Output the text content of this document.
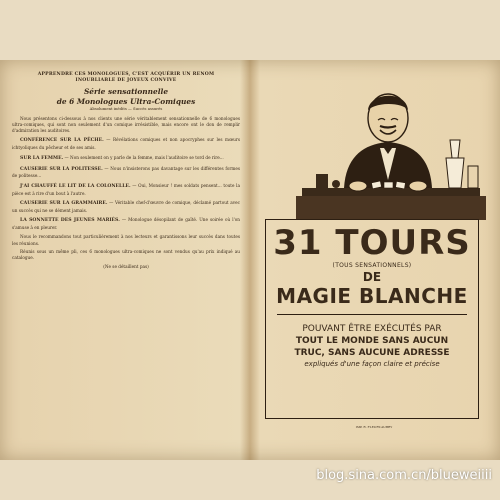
APPRENDRE CES MONOLOGUES, C'EST ACQUÉRIR UN RENOM INOUBLIABLE DE JOYEUX CONVIVE
Série sensationnelle
de 6 Monologues Ultra-Comiques
Absolument inédits — Succès assurés
Nous présentons ci-dessous à nos clients une série véritablement sensationnelle de 6 monologues ultra-comiques, qui sont non seulement d'un comique irrésistible, mais encore ont le don de remplir d'admiration les auditoires.
CONFÉRENCE SUR LA PÊCHE. — Révélations comiques et non apocryphes sur les mœurs ichtyoliques du pêcheur et de ses amis.
SUR LA FEMME. — Non seulement on y parle de la femme, mais l'auditoire se tord de rire...
CAUSERIE SUR LA POLITESSE. — Nous n'insisterons pas davantage sur les différentes formes de politesse...
J'AI CHAUFFÉ LE LIT DE LA COLONELLE. — Oui, Monsieur ! mes soldats pensent... toute la pièce est à rire d'un bout à l'autre.
CAUSERIE SUR LA GRAMMAIRE. — Véritable chef-d'œuvre de comique, déclamé partout avec un succès qui ne se dément jamais.
LA SONNETTE DES JEUNES MARIÉS. — Monologue désopilant de gaîté. Une soirée où l'on s'amuse à en pleurer.
Nous le recommandons tout particulièrement à nos lecteurs et garantissons leur succès dans toutes les réunions.
Réunis sous un même pli, ces 6 monologues ultra-comiques ne sont vendus qu'au prix indiqué au catalogue.
(Ne se détaillent pas)
31 TOURS
(TOUS SENSATIONNELS)
DE
MAGIE BLANCHE
POUVANT ÊTRE EXÉCUTÉS PAR
TOUT LE MONDE SANS AUCUN
TRUC, SANS AUCUNE ADRESSE
expliqués d'une façon claire et précise
IMP. R. FLEURY-AUBRY
blog.sina.com.cn/blueweiiii
